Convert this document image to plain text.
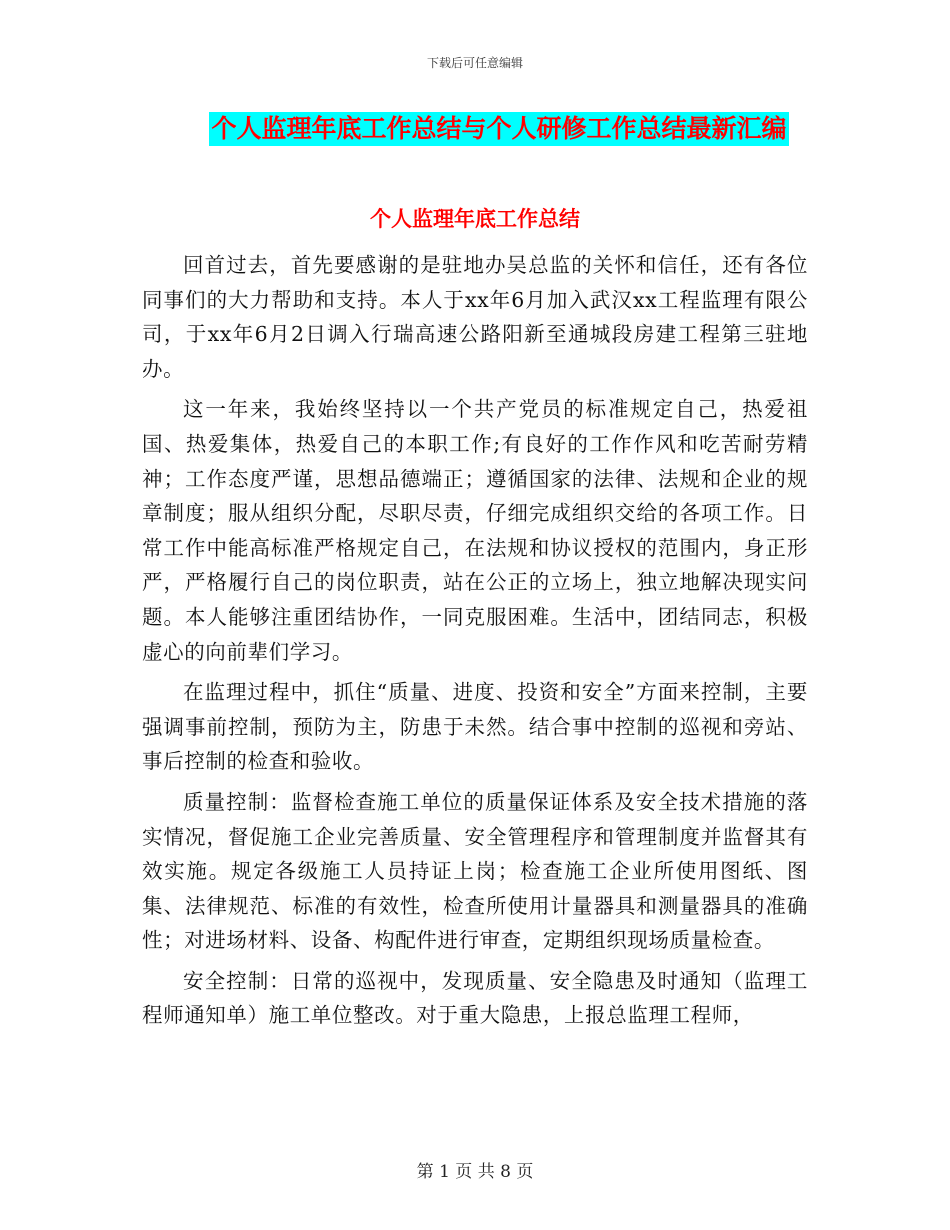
下载后可任意编辑
个人监理年底工作总结与个人研修工作总结最新汇编
个人监理年底工作总结

回首过去，首先要感谢的是驻地办吴总监的关怀和信任，还有各位同事们的大力帮助和支持。本人于xx年6月加入武汉xx工程监理有限公司，于xx年6月2日调入行瑞高速公路阳新至通城段房建工程第三驻地办。

这一年来，我始终坚持以一个共产党员的标准规定自己，热爱祖国、热爱集体，热爱自己的本职工作;有良好的工作作风和吃苦耐劳精神；工作态度严谨，思想品德端正；遵循国家的法律、法规和企业的规章制度；服从组织分配，尽职尽责，仔细完成组织交给的各项工作。日常工作中能高标准严格规定自己，在法规和协议授权的范围内，身正形严，严格履行自己的岗位职责，站在公正的立场上，独立地解决现实问题。本人能够注重团结协作，一同克服困难。生活中，团结同志，积极虚心的向前辈们学习。

在监理过程中，抓住“质量、进度、投资和安全”方面来控制，主要强调事前控制，预防为主，防患于未然。结合事中控制的巡视和旁站、事后控制的检查和验收。

质量控制：监督检查施工单位的质量保证体系及安全技术措施的落实情况，督促施工企业完善质量、安全管理程序和管理制度并监督其有效实施。规定各级施工人员持证上岗；检查施工企业所使用图纸、图集、法律规范、标准的有效性，检查所使用计量器具和测量器具的准确性；对进场材料、设备、构配件进行审查，定期组织现场质量检查。

安全控制：日常的巡视中，发现质量、安全隐患及时通知（监理工程师通知单）施工单位整改。对于重大隐患，上报总监理工程师，

第 1 页 共 8 页
